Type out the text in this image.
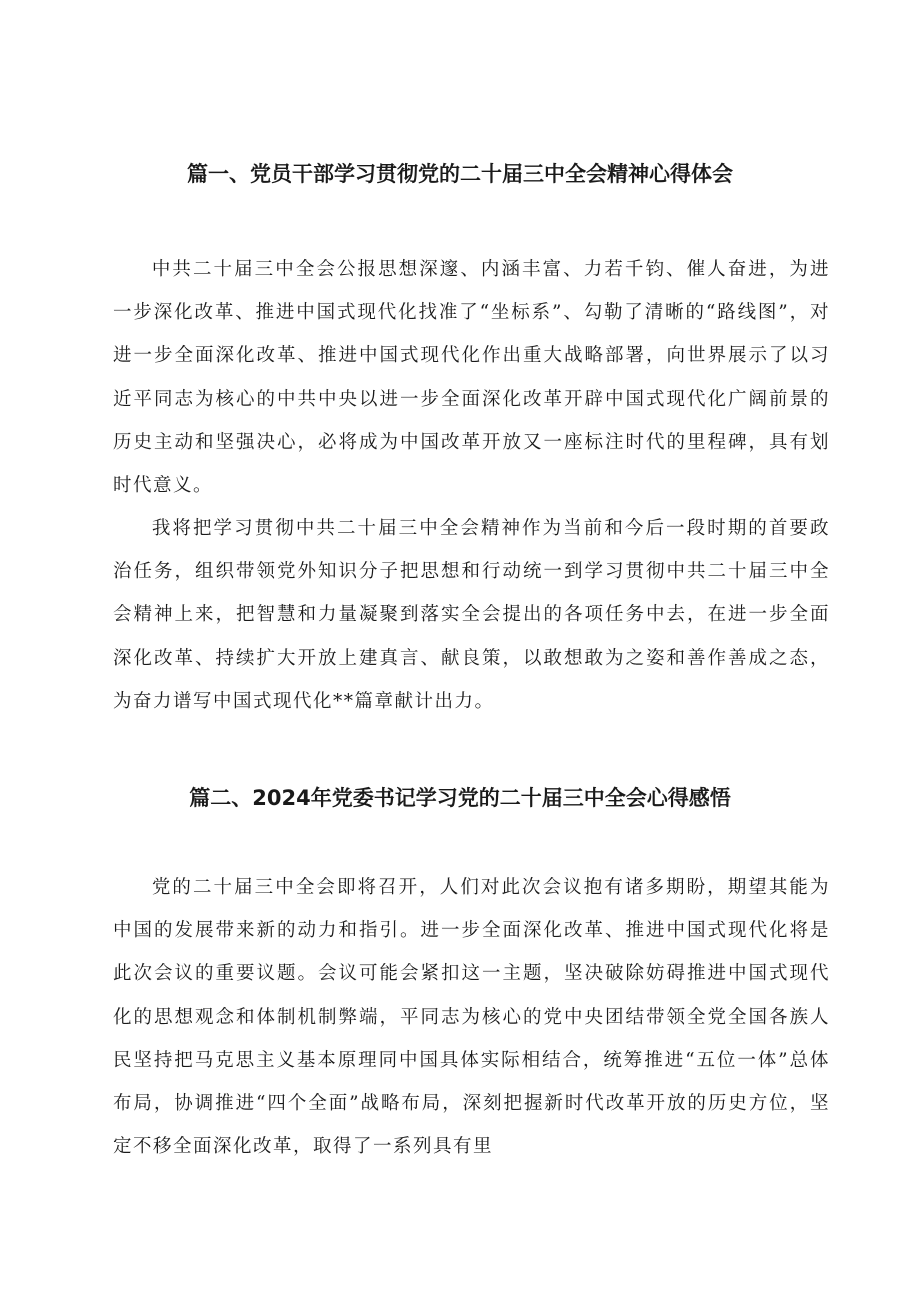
篇一、党员干部学习贯彻党的二十届三中全会精神心得体会

中共二十届三中全会公报思想深邃、内涵丰富、力若千钧、催人奋进，为进一步深化改革、推进中国式现代化找准了“坐标系”、勾勒了清晰的“路线图”，对进一步全面深化改革、推进中国式现代化作出重大战略部署，向世界展示了以习近平同志为核心的中共中央以进一步全面深化改革开辟中国式现代化广阔前景的历史主动和坚强决心，必将成为中国改革开放又一座标注时代的里程碑，具有划时代意义。

我将把学习贯彻中共二十届三中全会精神作为当前和今后一段时期的首要政治任务，组织带领党外知识分子把思想和行动统一到学习贯彻中共二十届三中全会精神上来，把智慧和力量凝聚到落实全会提出的各项任务中去，在进一步全面深化改革、持续扩大开放上建真言、献良策，以敢想敢为之姿和善作善成之态，为奋力谱写中国式现代化**篇章献计出力。

篇二、2024年党委书记学习党的二十届三中全会心得感悟

党的二十届三中全会即将召开，人们对此次会议抱有诸多期盼，期望其能为中国的发展带来新的动力和指引。进一步全面深化改革、推进中国式现代化将是此次会议的重要议题。会议可能会紧扣这一主题，坚决破除妨碍推进中国式现代化的思想观念和体制机制弊端，平同志为核心的党中央团结带领全党全国各族人民坚持把马克思主义基本原理同中国具体实际相结合，统筹推进“五位一体”总体布局，协调推进“四个全面”战略布局，深刻把握新时代改革开放的历史方位，坚定不移全面深化改革，取得了一系列具有里
